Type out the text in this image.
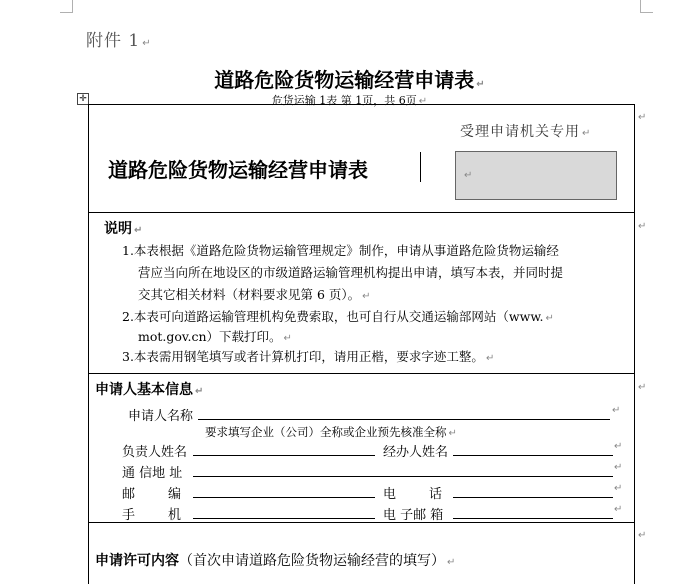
附件 1 ↵
道路危险货物运输经营申请表 ↵
危货运输 1表 第 1页，共 6页 ↵
✛
↵
↵
↵
↵
受理申请机关专用 ↵
↵
道路危险货物运输经营申请表
说明 ↵
1.本表根据《道路危险货物运输管理规定》制作，申请从事道路危险货物运输经
营应当向所在地设区的市级道路运输管理机构提出申请，填写本表，并同时提
交其它相关材料（材料要求见第 6 页）。 ↵
2.本表可向道路运输管理机构免费索取，也可自行从交通运输部网站（www. ↵
mot.gov.cn）下载打印。 ↵
3.本表需用钢笔填写或者计算机打印，请用正楷，要求字迹工整。 ↵
申请人基本信息 ↵
申请人名称	↵
要求填写企业（公司）全称或企业预先核准全称 ↵
负责人姓名	经办人姓名	↵
通 信地 址	↵
邮        编	电        话	↵
手        机	电 子邮 箱	↵
申请许可内容（首次申请道路危险货物运输经营的填写） ↵
